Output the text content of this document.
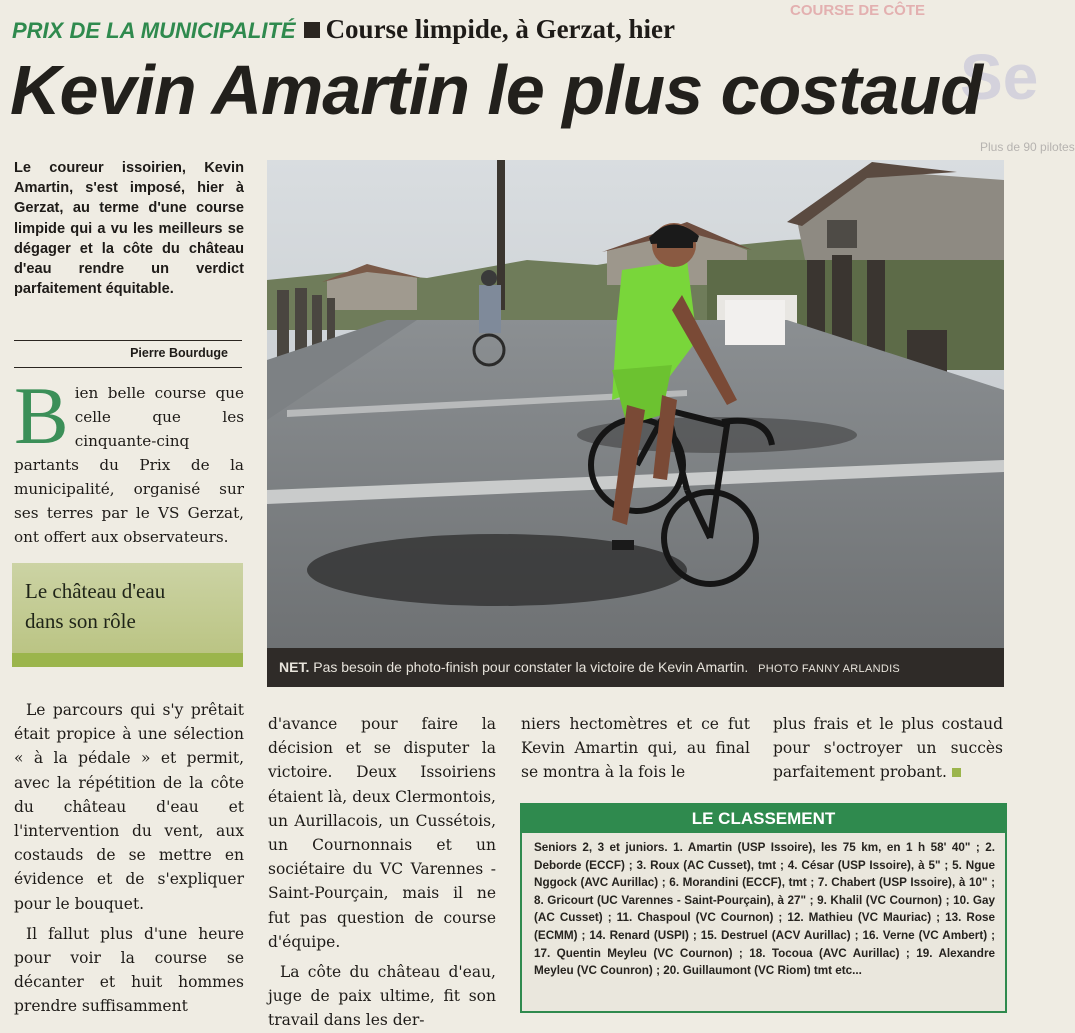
COURSE DE CÔTE
Se
Plus de 90 pilotes
PRIX DE LA MUNICIPALITÉ Course limpide, à Gerzat, hier
Kevin Amartin le plus costaud
Le coureur issoirien, Kevin Amartin, s'est imposé, hier à Gerzat, au terme d'une course limpide qui a vu les meilleurs se dégager et la côte du château d'eau rendre un verdict parfaitement équitable.
Pierre Bourduge
Bien belle course que celle que les cinquante-cinq partants du Prix de la municipalité, organisé sur ses terres par le VS Gerzat, ont offert aux observateurs.
Le château d'eau
dans son rôle
NET. Pas besoin de photo-finish pour constater la victoire de Kevin Amartin. PHOTO FANNY ARLANDIS

Le parcours qui s'y prêtait était propice à une sélection « à la pédale » et permit, avec la répétition de la côte du château d'eau et l'intervention du vent, aux costauds de se mettre en évidence et de s'expliquer pour le bouquet.

Il fallut plus d'une heure pour voir la course se décanter et huit hommes prendre suffisamment

d'avance pour faire la décision et se disputer la victoire. Deux Issoiriens étaient là, deux Clermontois, un Aurillacois, un Cussétois, un Cournonnais et un sociétaire du VC Varennes - Saint-Pourçain, mais il ne fut pas question de course d'équipe.

La côte du château d'eau, juge de paix ultime, fit son travail dans les der-

niers hectomètres et ce fut Kevin Amartin qui, au final se montra à la fois le

plus frais et le plus costaud pour s'octroyer un succès parfaitement probant.

LE CLASSEMENT
Seniors 2, 3 et juniors. 1. Amartin (USP Issoire), les 75 km, en 1 h 58' 40" ; 2. Deborde (ECCF) ; 3. Roux (AC Cusset), tmt ; 4. César (USP Issoire), à 5" ; 5. Ngue Nggock (AVC Aurillac) ; 6. Morandini (ECCF), tmt ; 7. Chabert (USP Issoire), à 10" ; 8. Gricourt (UC Varennes - Saint-Pourçain), à 27" ; 9. Khalil (VC Cournon) ; 10. Gay (AC Cusset) ; 11. Chaspoul (VC Cournon) ; 12. Mathieu (VC Mauriac) ; 13. Rose (ECMM) ; 14. Renard (USPI) ; 15. Destruel (ACV Aurillac) ; 16. Verne (VC Ambert) ; 17. Quentin Meyleu (VC Cournon) ; 18. Tocoua (AVC Aurillac) ; 19. Alexandre Meyleu (VC Counron) ; 20. Guillaumont (VC Riom) tmt etc...
